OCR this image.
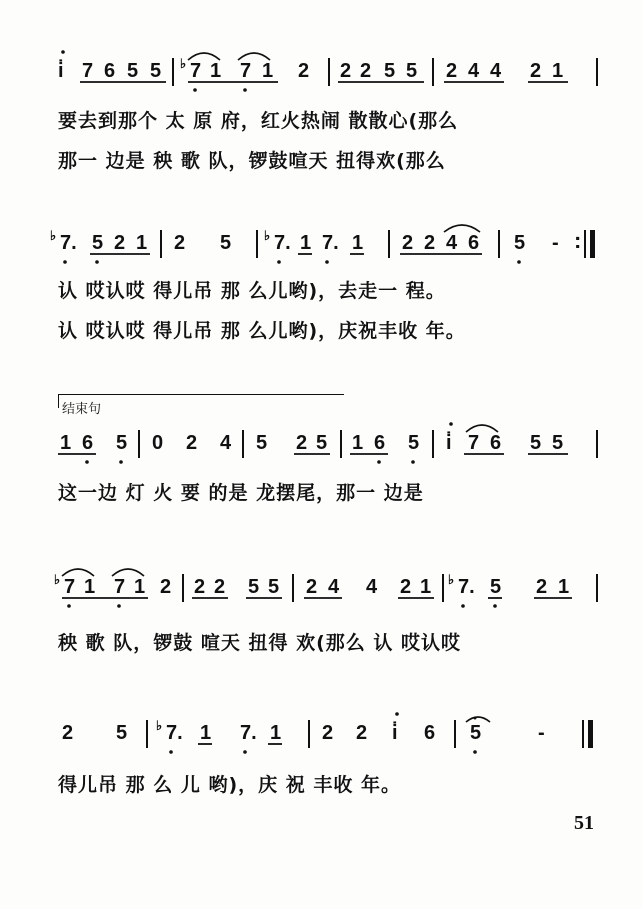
i̇ 7 6 5 5 ♭ 7 1 7 1 2 2 2 5 5 2 4 4 2 1
要去到那个 太 原 府，红火热闹 散散心(那么
那一 边是 秧 歌 队，锣鼓喧天 扭得欢(那么
♭ 7. 5 2 1 2 5	♭ 7. 1 7. 1 2 2 4 6 5 - :
认 哎认哎 得儿吊 那 么儿哟)，去走一 程。
认 哎认哎 得儿吊 那 么儿哟)，庆祝丰收 年。
结束句
1 6 5 0 2 4 5 2 5 1 6 5 i̇ 7 6 5 5
这一边 灯 火 要 的是 龙摆尾，那一 边是
♭ 7 1 7 1 2 2 2 5 5 2 4 4 2 1 ♭ 7. 5 2 1
秧 歌 队，锣鼓 喧天 扭得 欢(那么 认 哎认哎
2 5 ♭ 7. 1 7. 1 2 2 i̇ 6 5	-
得儿吊 那 么 儿 哟)，庆 祝 丰收 年。
51
